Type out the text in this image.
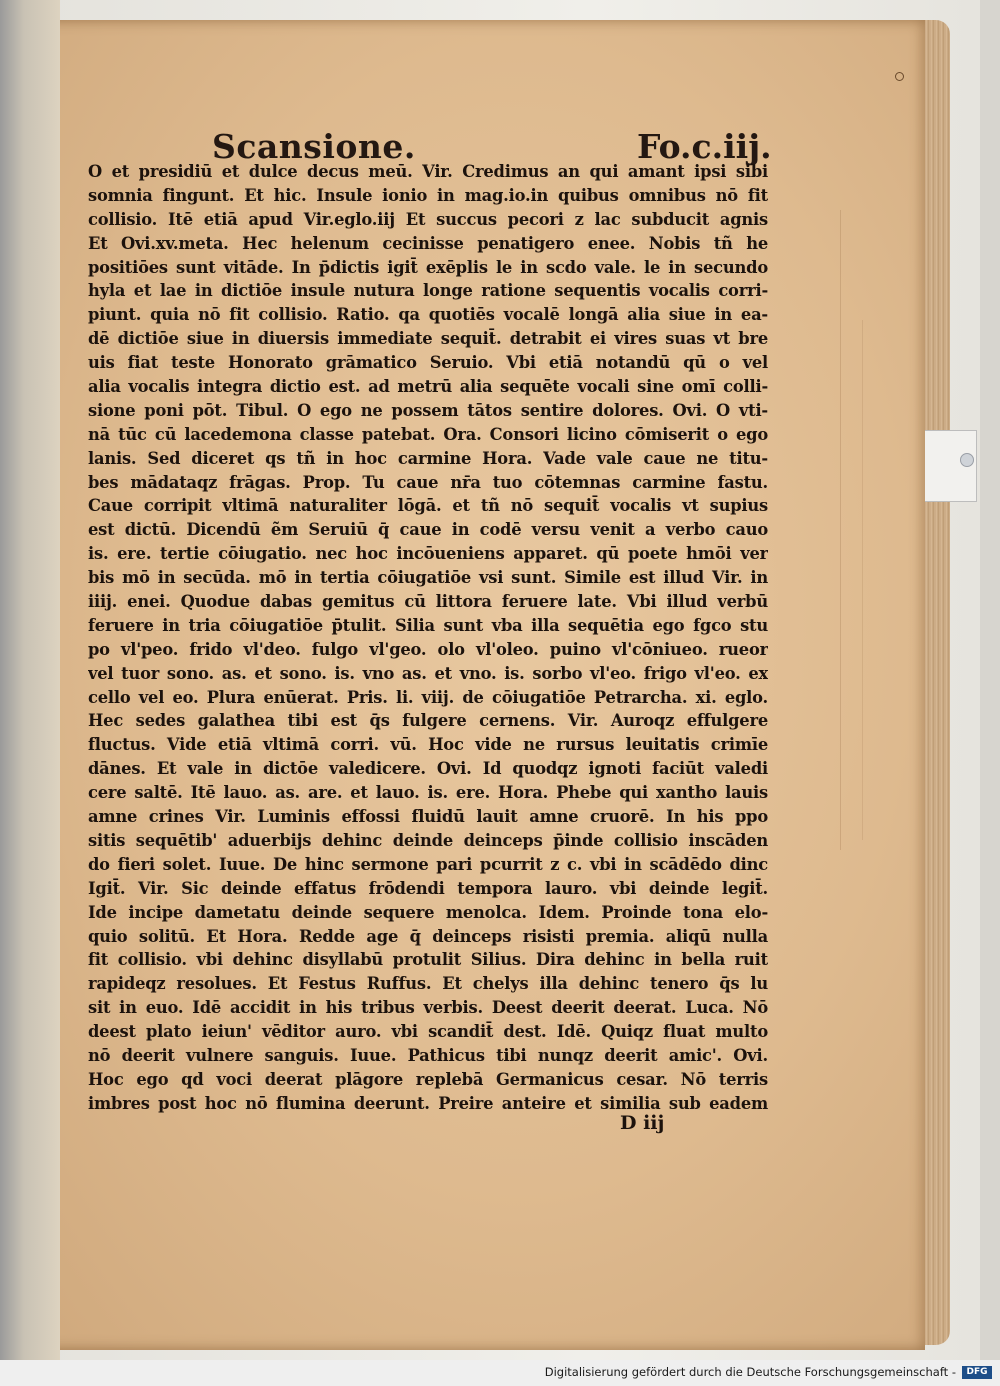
Scansione.	Fo.c.iij.
O et presidiū et dulce decus meū. Vir. Credimus an qui amant ipsi sibi
somnia fingunt. Et hic. Insule ionio in mag.io.in quibus omnibus nō fit
collisio. Itē etiā apud Vir.eglo.iij Et succus pecori z lac subducit agnis
Et Ovi.xv.meta. Hec helenum cecinisse penatigero enee. Nobis tñ he
positiōes sunt vitāde. In p̄dictis igit̄ exēplis le in scdo vale. le in secundo
hyla et lae in dictiōe insule nutura longe ratione sequentis vocalis corri-
piunt. quia nō fit collisio. Ratio. qa quotiēs vocalē longā alia siue in ea-
dē dictiōe siue in diuersis immediate sequit̄. detrabit ei vires suas vt bre
uis fiat teste Honorato grāmatico Seruio. Vbi etiā notandū qū o vel
alia vocalis integra dictio est. ad metrū alia sequēte vocali sine omī colli-
sione poni pōt. Tibul. O ego ne possem tātos sentire dolores. Ovi. O vti-
nā tūc cū lacedemona classe patebat. Ora. Consori licino cōmiserit o ego
lanis. Sed diceret qs tñ in hoc carmine Hora. Vade vale caue ne titu-
bes mādataqz frāgas. Prop. Tu caue nr̄a tuo cōtemnas carmine fastu.
Caue corripit vltimā naturaliter lōgā. et tñ nō sequit̄ vocalis vt supius
est dictū. Dicendū ẽm Seruiū q̄ caue in codē versu venit a verbo cauo
is. ere. tertie cōiugatio. nec hoc incōueniens apparet. qū poete hmōi ver
bis mō in secūda. mō in tertia cōiugatiōe vsi sunt. Simile est illud Vir. in
iiij. enei. Quodue dabas gemitus cū littora feruere late. Vbi illud verbū
feruere in tria cōiugatiōe p̄tulit. Silia sunt vba illa sequētia ego fgco stu
po vl'peo. frido vl'deo. fulgo vl'geo. olo vl'oleo. puino vl'cōniueo. rueor
vel tuor sono. as. et sono. is. vno as. et vno. is. sorbo vl'eo. frigo vl'eo. ex
cello vel eo. Plura enūerat. Pris. li. viij. de cōiugatiōe Petrarcha. xi. eglo.
Hec sedes galathea tibi est q̄s fulgere cernens. Vir. Auroqz effulgere
fluctus. Vide etiā vltimā corri. vū. Hoc vide ne rursus leuitatis crimīe
dānes. Et vale in dictōe valedicere. Ovi. Id quodqz ignoti faciūt valedi
cere saltē. Itē lauo. as. are. et lauo. is. ere. Hora. Phebe qui xantho lauis
amne crines Vir. Luminis effossi fluidū lauit amne cruorē. In his ppo
sitis sequētib' aduerbijs dehinc deinde deinceps p̄inde collisio inscāden
do fieri solet. Iuue. De hinc sermone pari pcurrit z c. vbi in scādēdo dinc
Igit̄. Vir. Sic deinde effatus frōdendi tempora lauro. vbi deinde legit̄.
Ide incipe dametatu deinde sequere menolca. Idem. Proinde tona elo-
quio solitū. Et Hora. Redde age q̄ deinceps risisti premia. aliqū nulla
fit collisio. vbi dehinc disyllabū protulit Silius. Dira dehinc in bella ruit
rapideqz resolues. Et Festus Ruffus. Et chelys illa dehinc tenero q̄s lu
sit in euo. Idē accidit in his tribus verbis. Deest deerit deerat. Luca. Nō
deest plato ieiun' vēditor auro. vbi scandit̄ dest. Idē. Quiqz fluat multo
nō deerit vulnere sanguis. Iuue. Pathicus tibi nunqz deerit amic'. Ovi.
Hoc ego qd voci deerat plāgore replebā Germanicus cesar. Nō terris
imbres post hoc nō flumina deerunt. Preire anteire et similia sub eadem
D iij
Digitalisierung gefördert durch die Deutsche Forschungsgemeinschaft -	DFG
